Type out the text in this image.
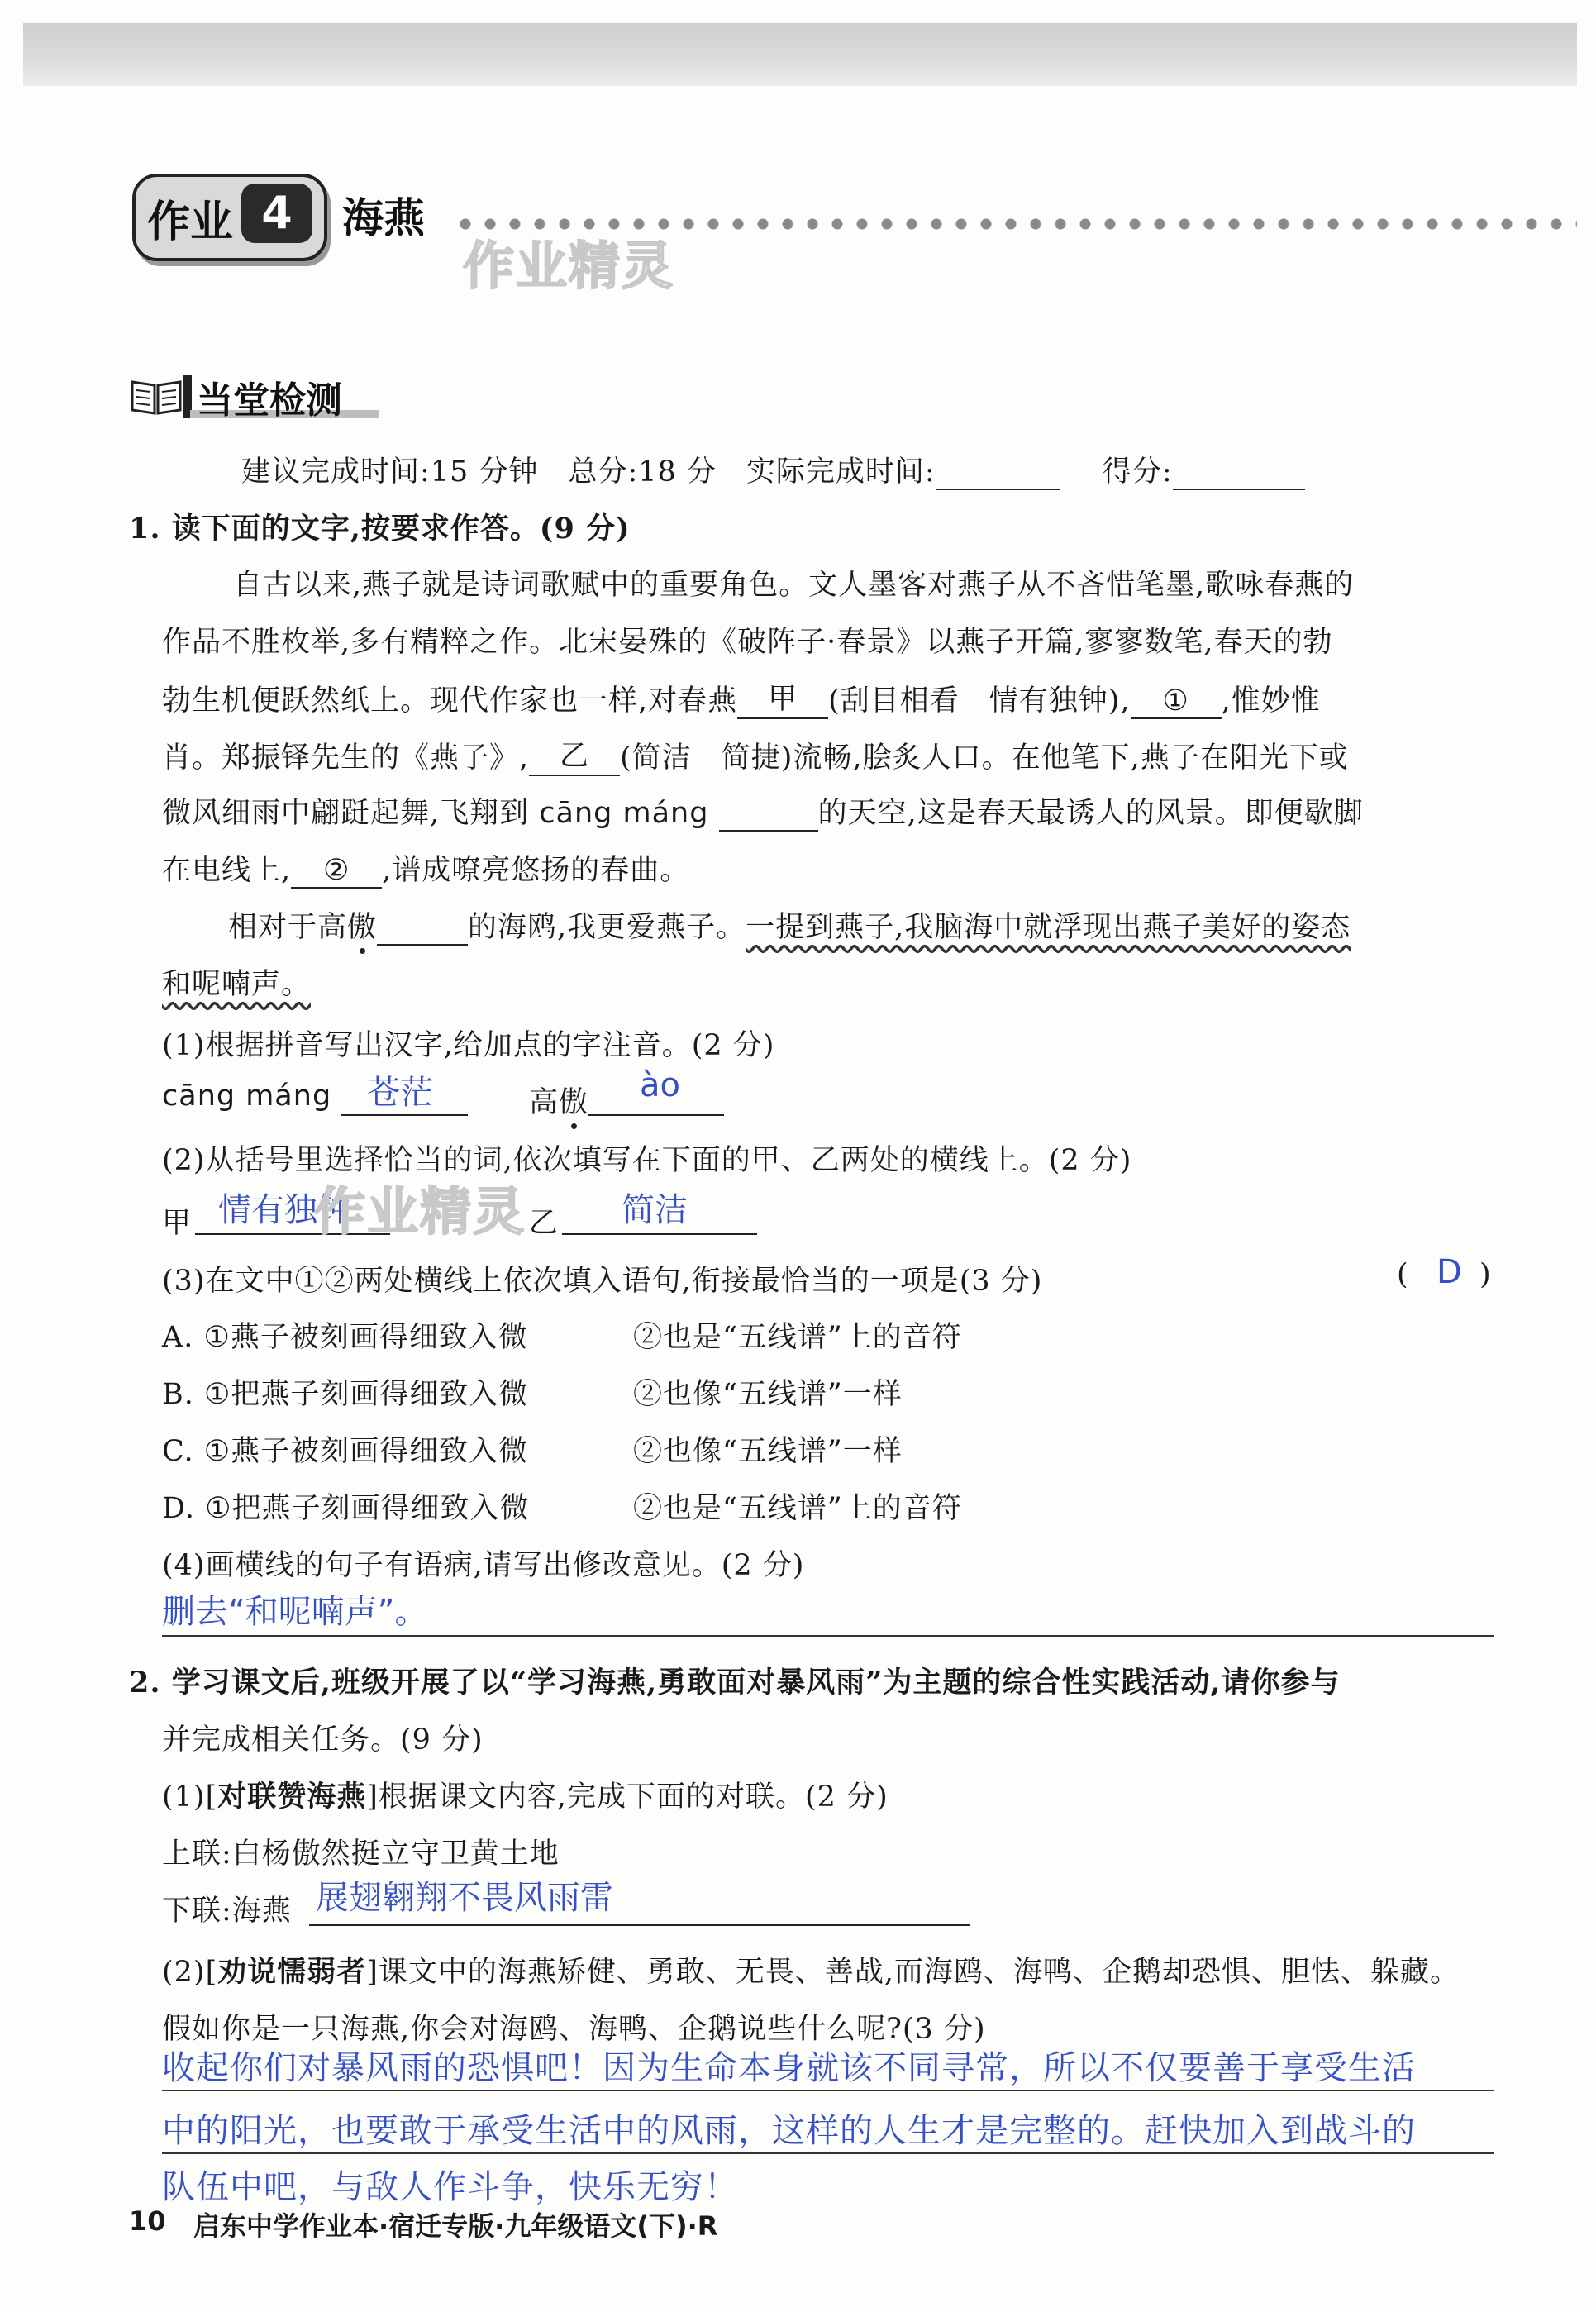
作业 4	海燕
作业精灵
当堂检测
建议完成时间:15 分钟　总分:18 分　实际完成时间:	得分:
1. 读下面的文字,按要求作答。(9 分)
自古以来,燕子就是诗词歌赋中的重要角色。文人墨客对燕子从不吝惜笔墨,歌咏春燕的
作品不胜枚举,多有精粹之作。北宋晏殊的《破阵子·春景》以燕子开篇,寥寥数笔,春天的勃
勃生机便跃然纸上。现代作家也一样,对春燕 甲 (刮目相看　情有独钟), ① ,惟妙惟
肖。郑振铎先生的《燕子》, 乙 (简洁　简捷)流畅,脍炙人口。在他笔下,燕子在阳光下或
微风细雨中翩跹起舞,飞翔到 cāng máng	的天空,这是春天最诱人的风景。即便歇脚
在电线上, ② ,谱成嘹亮悠扬的春曲。
相对于高傲	的海鸥,我更爱燕子。一提到燕子,我脑海中就浮现出燕子美好的姿态
和呢喃声。
(1)根据拼音写出汉字,给加点的字注音。(2 分)
cāng máng 苍茫	高傲 ào
(2)从括号里选择恰当的词,依次填写在下面的甲、乙两处的横线上。(2 分)
甲 情有独钟
作业精灵 乙 简洁
(3)在文中①②两处横线上依次填入语句,衔接最恰当的一项是(3 分)	( D )
A. ①燕子被刻画得细致入微	②也是“五线谱”上的音符
B. ①把燕子刻画得细致入微	②也像“五线谱”一样
C. ①燕子被刻画得细致入微	②也像“五线谱”一样
D. ①把燕子刻画得细致入微	②也是“五线谱”上的音符
(4)画横线的句子有语病,请写出修改意见。(2 分)
删去“和呢喃声”。
2. 学习课文后,班级开展了以“学习海燕,勇敢面对暴风雨”为主题的综合性实践活动,请你参与
并完成相关任务。(9 分)
(1)[对联赞海燕]根据课文内容,完成下面的对联。(2 分)
上联:白杨傲然挺立守卫黄土地
下联:海燕 展翅翱翔不畏风雨雷
(2)[劝说懦弱者]课文中的海燕矫健、勇敢、无畏、善战,而海鸥、海鸭、企鹅却恐惧、胆怯、躲藏。
假如你是一只海燕,你会对海鸥、海鸭、企鹅说些什么呢?(3 分)
收起你们对暴风雨的恐惧吧！因为生命本身就该不同寻常，所以不仅要善于享受生活
中的阳光，也要敢于承受生活中的风雨，这样的人生才是完整的。赶快加入到战斗的
队伍中吧，与敌人作斗争，快乐无穷！
10 启东中学作业本·宿迁专版·九年级语文(下)·R
